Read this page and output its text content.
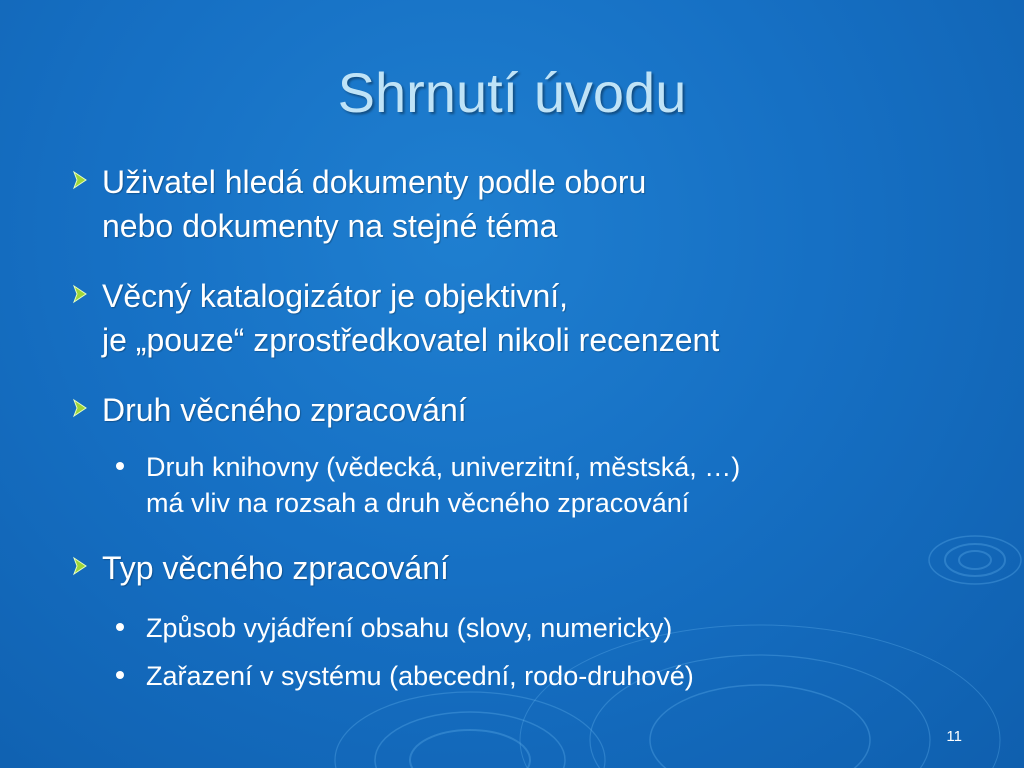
Shrnutí úvodu
Uživatel hledá dokumenty podle oboru
nebo dokumenty na stejné téma
Věcný katalogizátor je objektivní,
je „pouze“ zprostředkovatel nikoli recenzent
Druh věcného zpracování
Druh knihovny (vědecká, univerzitní, městská, …)
má vliv na rozsah a druh věcného zpracování
Typ věcného zpracování
Způsob vyjádření obsahu (slovy, numericky)
Zařazení v systému (abecední, rodo-druhové)
11
